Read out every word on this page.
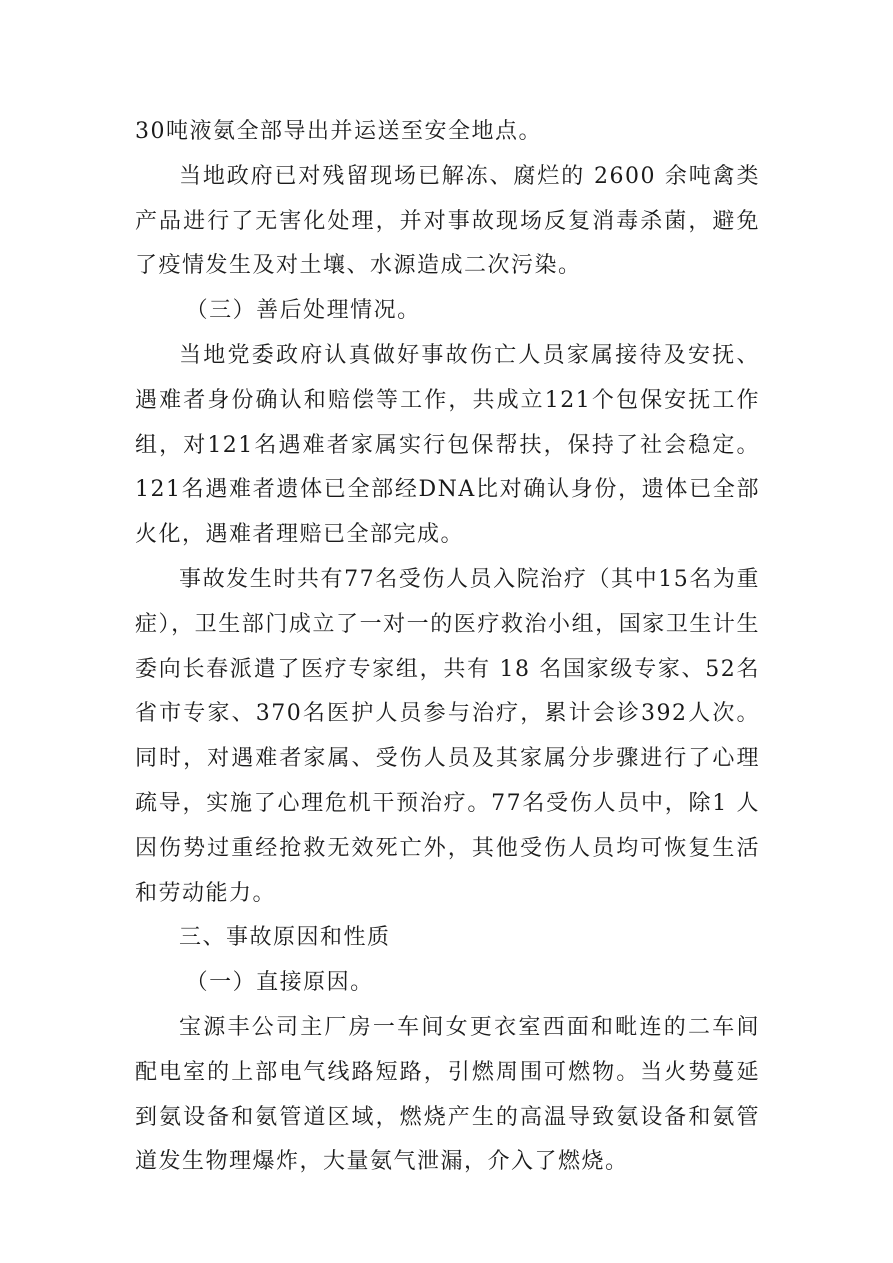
30吨液氨全部导出并运送至安全地点。

当地政府已对残留现场已解冻、腐烂的 2600 余吨禽类产品进行了无害化处理，并对事故现场反复消毒杀菌，避免了疫情发生及对土壤、水源造成二次污染。

（三）善后处理情况。

当地党委政府认真做好事故伤亡人员家属接待及安抚、遇难者身份确认和赔偿等工作，共成立121个包保安抚工作组，对121名遇难者家属实行包保帮扶，保持了社会稳定。121名遇难者遗体已全部经DNA比对确认身份，遗体已全部火化，遇难者理赔已全部完成。

事故发生时共有77名受伤人员入院治疗（其中15名为重症），卫生部门成立了一对一的医疗救治小组，国家卫生计生委向长春派遣了医疗专家组，共有 18 名国家级专家、52名省市专家、370名医护人员参与治疗，累计会诊392人次。同时，对遇难者家属、受伤人员及其家属分步骤进行了心理疏导，实施了心理危机干预治疗。77名受伤人员中，除1 人因伤势过重经抢救无效死亡外，其他受伤人员均可恢复生活和劳动能力。

三、事故原因和性质

（一）直接原因。

宝源丰公司主厂房一车间女更衣室西面和毗连的二车间配电室的上部电气线路短路，引燃周围可燃物。当火势蔓延到氨设备和氨管道区域，燃烧产生的高温导致氨设备和氨管道发生物理爆炸，大量氨气泄漏，介入了燃烧。
